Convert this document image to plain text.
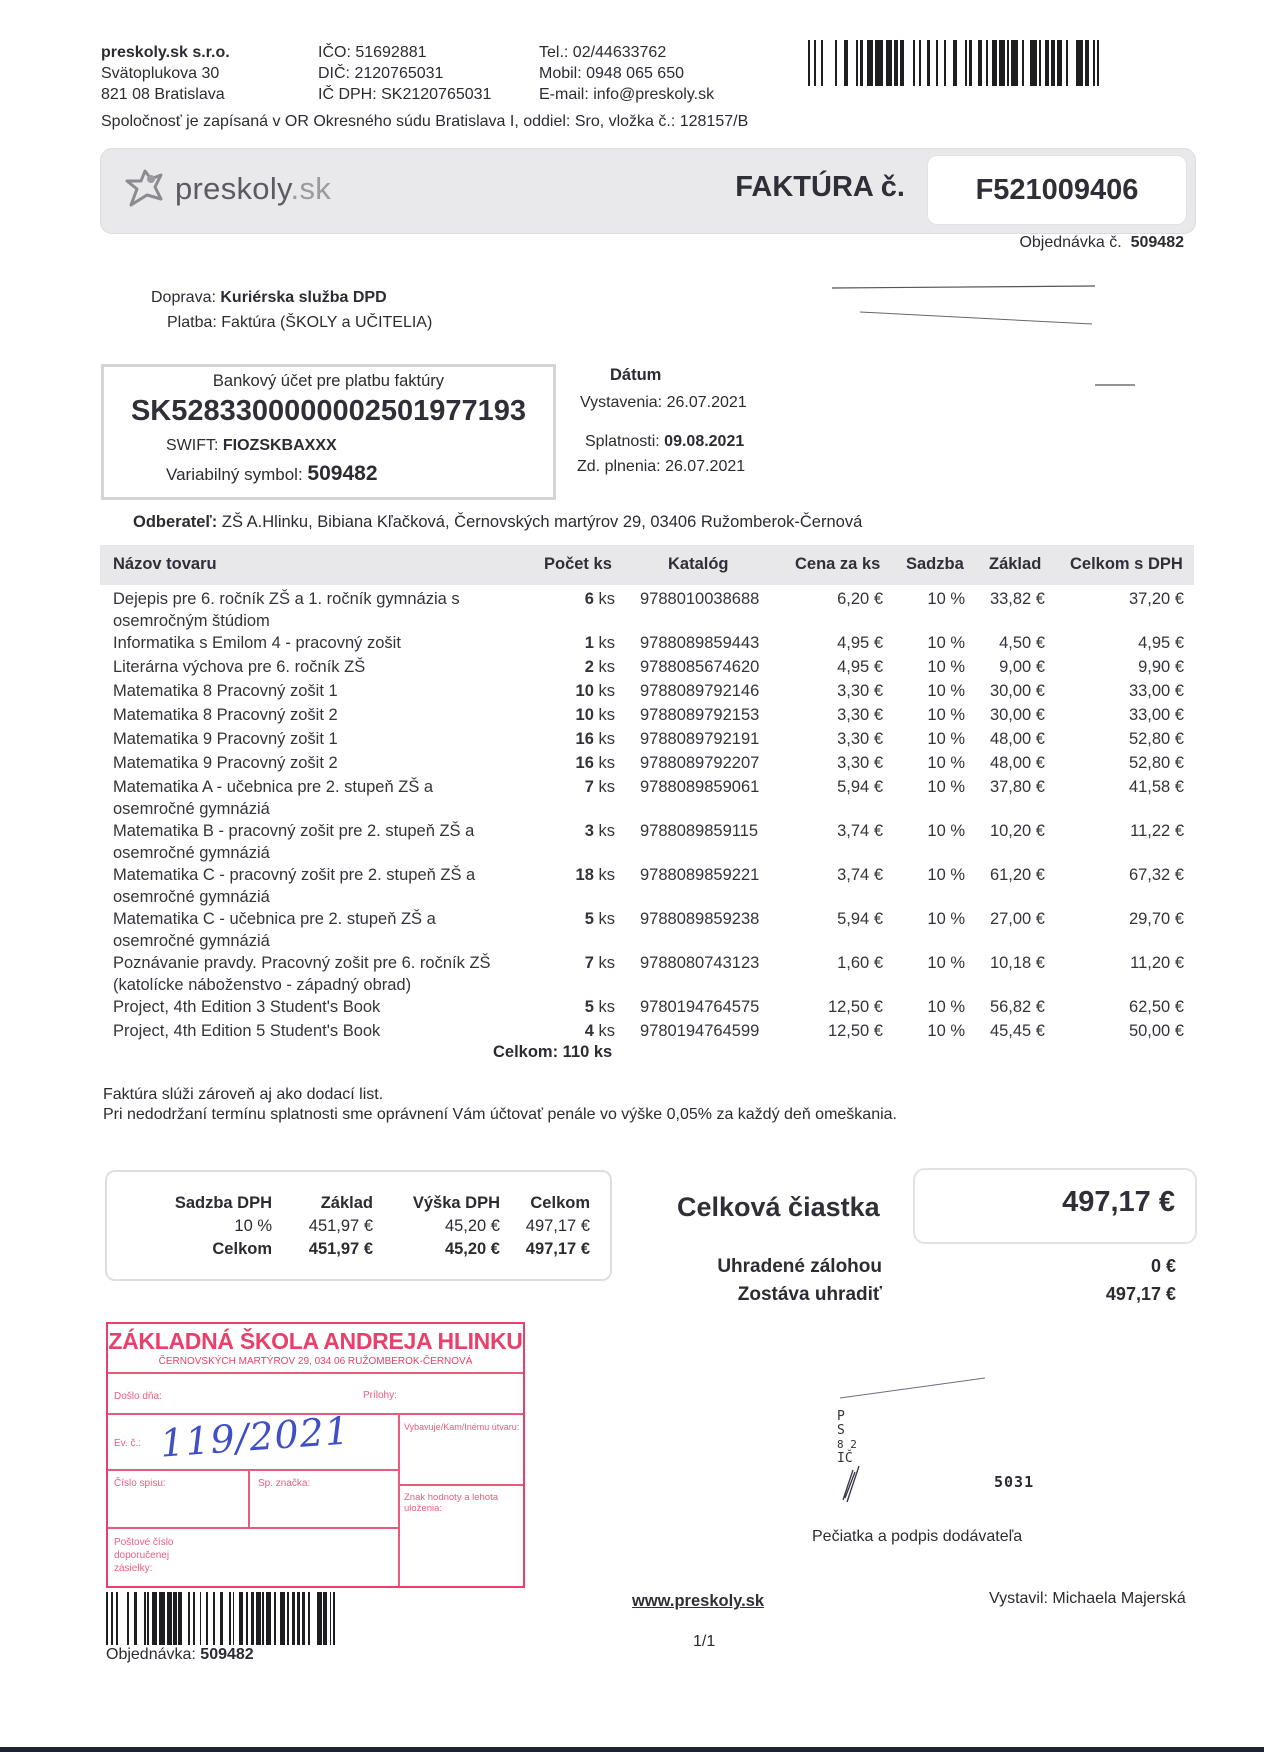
preskoly.sk s.r.o.
Svätoplukova 30
821 08 Bratislava
IČO: 51692881
DIČ: 2120765031
IČ DPH: SK2120765031
Tel.: 02/44633762
Mobil: 0948 065 650
E-mail: info@preskoly.sk
Spoločnosť je zapísaná v OR Okresného súdu Bratislava I, oddiel: Sro, vložka č.: 128157/B
preskoly.sk	FAKTÚRA č.	F521009406
Objednávka č. 509482
Doprava: Kuriérska služba DPD
Platba: Faktúra (ŠKOLY a UČITELIA)
Bankový účet pre platbu faktúry
SK5283300000002501977193
SWIFT: FIOZSKBAXXX
Variabilný symbol: 509482
Dátum
Vystavenia: 26.07.2021
Splatnosti: 09.08.2021
Zd. plnenia: 26.07.2021
Odberateľ: ZŠ A.Hlinku, Bibiana Kľačková, Černovských martýrov 29, 03406 Ružomberok-Černová
Názov tovaru	Počet ks	Katalóg	Cena za ks Sadzba Základ Celkom s DPH
Dejepis pre 6. ročník ZŠ a 1. ročník gymnázia s
osemročným štúdiom
6 ks 9788010038688	6,20 €	10 % 33,82 €	37,20 €
Informatika s Emilom 4 - pracovný zošit	1 ks 9788089859443	4,95 €	10 % 4,50 €	4,95 €
Literárna výchova pre 6. ročník ZŠ	2 ks 9788085674620	4,95 €	10 % 9,00 €	9,90 €
Matematika 8 Pracovný zošit 1	10 ks 9788089792146	3,30 €	10 % 30,00 €	33,00 €
Matematika 8 Pracovný zošit 2	10 ks 9788089792153	3,30 €	10 % 30,00 €	33,00 €
Matematika 9 Pracovný zošit 1	16 ks 9788089792191	3,30 €	10 % 48,00 €	52,80 €
Matematika 9 Pracovný zošit 2	16 ks 9788089792207	3,30 €	10 % 48,00 €	52,80 €
Matematika A - učebnica pre 2. stupeň ZŠ a
osemročné gymnáziá
7 ks 9788089859061	5,94 €	10 % 37,80 €	41,58 €
Matematika B - pracovný zošit pre 2. stupeň ZŠ a
osemročné gymnáziá
3 ks 9788089859115	3,74 €	10 % 10,20 €	11,22 €
Matematika C - pracovný zošit pre 2. stupeň ZŠ a
osemročné gymnáziá
18 ks 9788089859221	3,74 €	10 % 61,20 €	67,32 €
Matematika C - učebnica pre 2. stupeň ZŠ a
osemročné gymnáziá
5 ks 9788089859238	5,94 €	10 % 27,00 €	29,70 €
Poznávanie pravdy. Pracovný zošit pre 6. ročník ZŠ
(katolícke náboženstvo - západný obrad)
7 ks 9788080743123	1,60 €	10 % 10,18 €	11,20 €
Project, 4th Edition 3 Student's Book	5 ks 9780194764575	12,50 €	10 % 56,82 €	62,50 €
Project, 4th Edition 5 Student's Book	4 ks 9780194764599	12,50 €	10 % 45,45 €	50,00 €
Celkom: 110 ks
Faktúra slúži zároveň aj ako dodací list.
Pri nedodržaní termínu splatnosti sme oprávnení Vám účtovať penále vo výške 0,05% za každý deň omeškania.
Sadzba DPH	Základ Výška DPH Celkom
10 % 451,97 €	45,20 € 497,17 €
Celkom 451,97 €	45,20 € 497,17 €
Celková čiastka	497,17 €
Uhradené zálohou	0 €
Zostáva uhradiť	497,17 €
ZÁKLADNÁ ŠKOLA ANDREJA HLINKU
ČERNOVSKÝCH MARTÝROV 29, 034 06 RUŽOMBEROK-ČERNOVÁ
Došlo dňa:	Prílohy:
Ev. č.:
Vybavuje/Kam/Inému útvaru:
Číslo spisu:	Sp. značka:
Znak hodnoty a lehota uloženia:
Poštové číslo doporučenej zásielky:
119/2021
Objednávka: 509482
P
S
8 2
IČ
5031
Pečiatka a podpis dodávateľa
www.preskoly.sk
1/1
Vystavil: Michaela Majerská
